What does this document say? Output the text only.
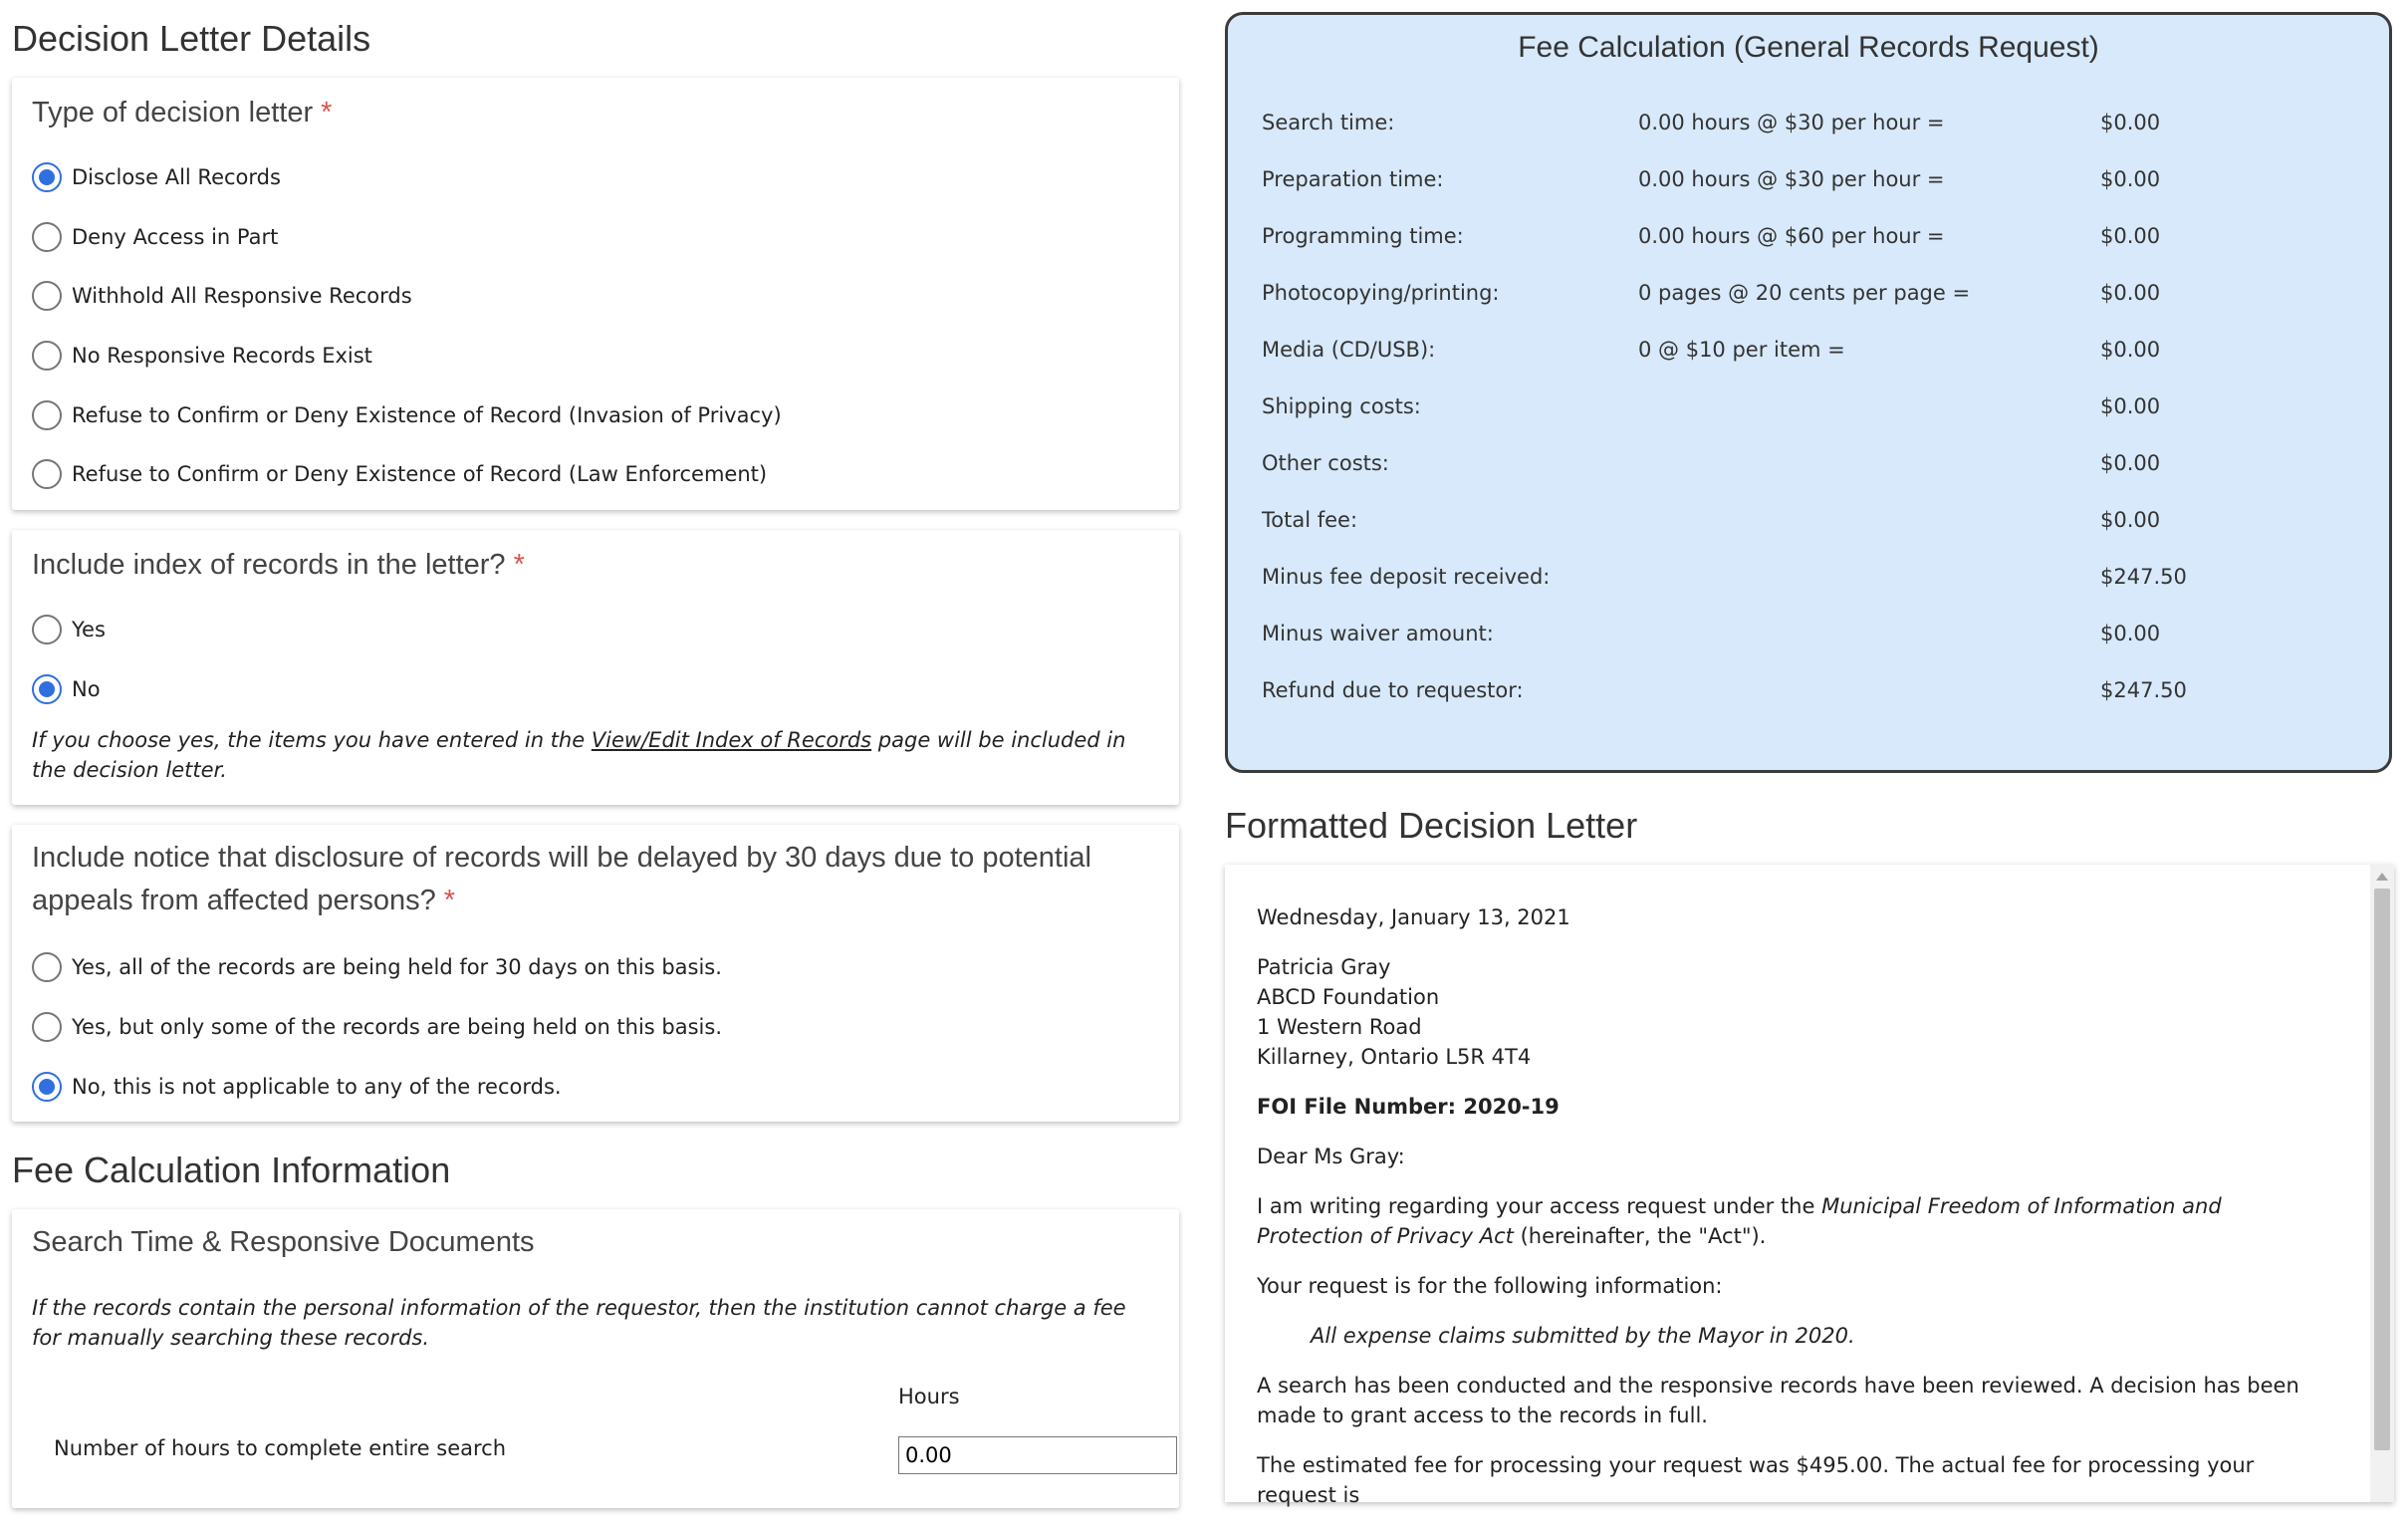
Decision Letter Details
Type of decision letter *
Disclose All Records
Deny Access in Part
Withhold All Responsive Records
No Responsive Records Exist
Refuse to Confirm or Deny Existence of Record (Invasion of Privacy)
Refuse to Confirm or Deny Existence of Record (Law Enforcement)
Include index of records in the letter? *
Yes
No
If you choose yes, the items you have entered in the View/Edit Index of Records page will be included in the decision letter.
Include notice that disclosure of records will be delayed by 30 days due to potential appeals from affected persons? *
Yes, all of the records are being held for 30 days on this basis.
Yes, but only some of the records are being held on this basis.
No, this is not applicable to any of the records.
Fee Calculation Information
Search Time & Responsive Documents
If the records contain the personal information of the requestor, then the institution cannot charge a fee for manually searching these records.
Hours
Number of hours to complete entire search
0.00
Fee Calculation (General Records Request)
Search time:	0.00 hours @ $30 per hour =	$0.00
Preparation time:	0.00 hours @ $30 per hour =	$0.00
Programming time:	0.00 hours @ $60 per hour =	$0.00
Photocopying/printing:	0 pages @ 20 cents per page =	$0.00
Media (CD/USB):	0 @ $10 per item =	$0.00
Shipping costs:	$0.00
Other costs:	$0.00
Total fee:	$0.00
Minus fee deposit received:	$247.50
Minus waiver amount:	$0.00
Refund due to requestor:	$247.50
Formatted Decision Letter

Wednesday, January 13, 2021

Patricia Gray
ABCD Foundation
1 Western Road
Killarney, Ontario L5R 4T4

FOI File Number: 2020-19

Dear Ms Gray:

I am writing regarding your access request under the Municipal Freedom of Information and Protection of Privacy Act (hereinafter, the "Act").

Your request is for the following information:

All expense claims submitted by the Mayor in 2020.

A search has been conducted and the responsive records have been reviewed. A decision has been made to grant access to the records in full.

The estimated fee for processing your request was $495.00. The actual fee for processing your request is
